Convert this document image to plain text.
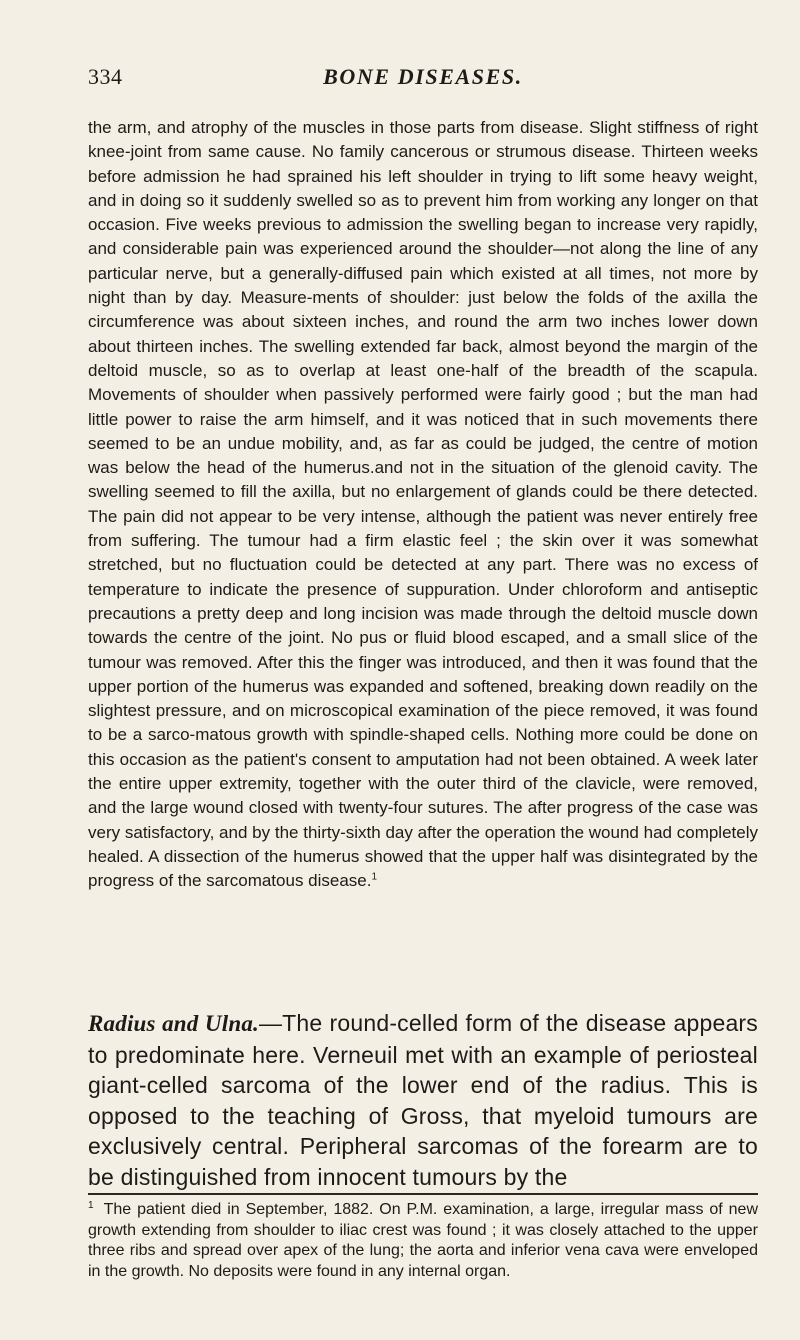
334	BONE DISEASES.

the arm, and atrophy of the muscles in those parts from disease. Slight stiffness of right knee-joint from same cause. No family cancerous or strumous disease. Thirteen weeks before admission he had sprained his left shoulder in trying to lift some heavy weight, and in doing so it suddenly swelled so as to prevent him from working any longer on that occasion. Five weeks previous to admission the swelling began to increase very rapidly, and considerable pain was experienced around the shoulder—not along the line of any particular nerve, but a generally-diffused pain which existed at all times, not more by night than by day. Measure-ments of shoulder: just below the folds of the axilla the circumference was about sixteen inches, and round the arm two inches lower down about thirteen inches. The swelling extended far back, almost beyond the margin of the deltoid muscle, so as to overlap at least one-half of the breadth of the scapula. Movements of shoulder when passively performed were fairly good ; but the man had little power to raise the arm himself, and it was noticed that in such movements there seemed to be an undue mobility, and, as far as could be judged, the centre of motion was below the head of the humerus.and not in the situation of the glenoid cavity. The swelling seemed to fill the axilla, but no enlargement of glands could be there detected. The pain did not appear to be very intense, although the patient was never entirely free from suffering. The tumour had a firm elastic feel ; the skin over it was somewhat stretched, but no fluctuation could be detected at any part. There was no excess of temperature to indicate the presence of suppuration. Under chloroform and antiseptic precautions a pretty deep and long incision was made through the deltoid muscle down towards the centre of the joint. No pus or fluid blood escaped, and a small slice of the tumour was removed. After this the finger was introduced, and then it was found that the upper portion of the humerus was expanded and softened, breaking down readily on the slightest pressure, and on microscopical examination of the piece removed, it was found to be a sarco-matous growth with spindle-shaped cells. Nothing more could be done on this occasion as the patient's consent to amputation had not been obtained. A week later the entire upper extremity, together with the outer third of the clavicle, were removed, and the large wound closed with twenty-four sutures. The after progress of the case was very satisfactory, and by the thirty-sixth day after the operation the wound had completely healed. A dissection of the humerus showed that the upper half was disintegrated by the progress of the sarcomatous disease.$^1$

Radius and Ulna.—The round-celled form of the disease appears to predominate here. Verneuil met with an example of periosteal giant-celled sarcoma of the lower end of the radius. This is opposed to the teaching of Gross, that myeloid tumours are exclusively central. Peripheral sarcomas of the forearm are to be distinguished from innocent tumours by the

$^1$ The patient died in September, 1882. On P.M. examination, a large, irregular mass of new growth extending from shoulder to iliac crest was found ; it was closely attached to the upper three ribs and spread over apex of the lung; the aorta and inferior vena cava were enveloped in the growth. No deposits were found in any internal organ.
